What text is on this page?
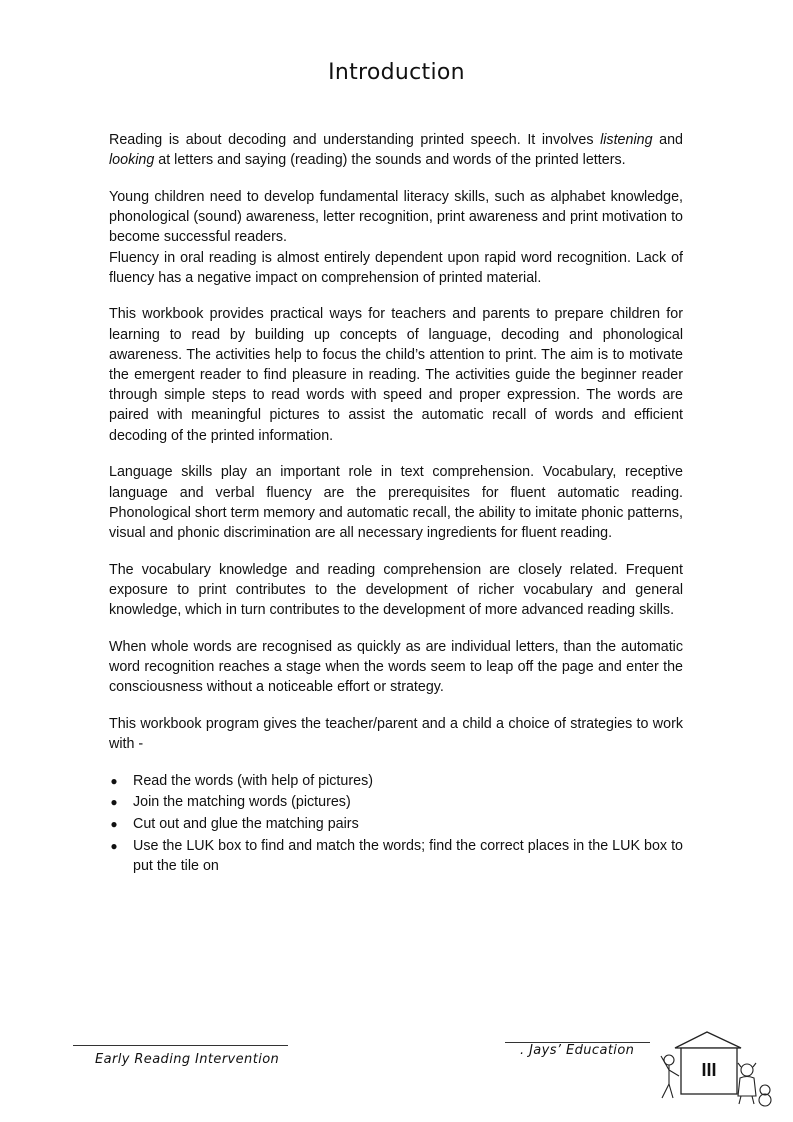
Introduction

Reading is about decoding and understanding printed speech. It involves listening and looking at letters and saying (reading) the sounds and words of the printed letters.

Young children need to develop fundamental literacy skills, such as alphabet knowledge, phonological (sound) awareness, letter recognition, print awareness and print motivation to become successful readers.

Fluency in oral reading is almost entirely dependent upon rapid word recognition. Lack of fluency has a negative impact on comprehension of printed material.

This workbook provides practical ways for teachers and parents to prepare children for learning to read by building up concepts of language, decoding and phonological awareness. The activities help to focus the child’s attention to print. The aim is to motivate the emergent reader to find pleasure in reading. The activities guide the beginner reader through simple steps to read words with speed and proper expression. The words are paired with meaningful pictures to assist the automatic recall of words and efficient decoding of the printed information.

Language skills play an important role in text comprehension. Vocabulary, receptive language and verbal fluency are the prerequisites for fluent automatic reading. Phonological short term memory and automatic recall, the ability to imitate phonic patterns, visual and phonic discrimination are all necessary ingredients for fluent reading.

The vocabulary knowledge and reading comprehension are closely related. Frequent exposure to print contributes to the development of richer vocabulary and general knowledge, which in turn contributes to the development of more advanced reading skills.

When whole words are recognised as quickly as are individual letters, than the automatic word recognition reaches a stage when the words seem to leap off the page and enter the consciousness without a noticeable effort or strategy.

This workbook program gives the teacher/parent and a child a choice of strategies to work with -

● Read the words (with help of pictures)
● Join the matching words (pictures)
● Cut out and glue the matching pairs
● Use the LUK box to find and match the words; find the correct places in the LUK box to put the tile on
Early Reading Intervention
. Jays’ Education
III
